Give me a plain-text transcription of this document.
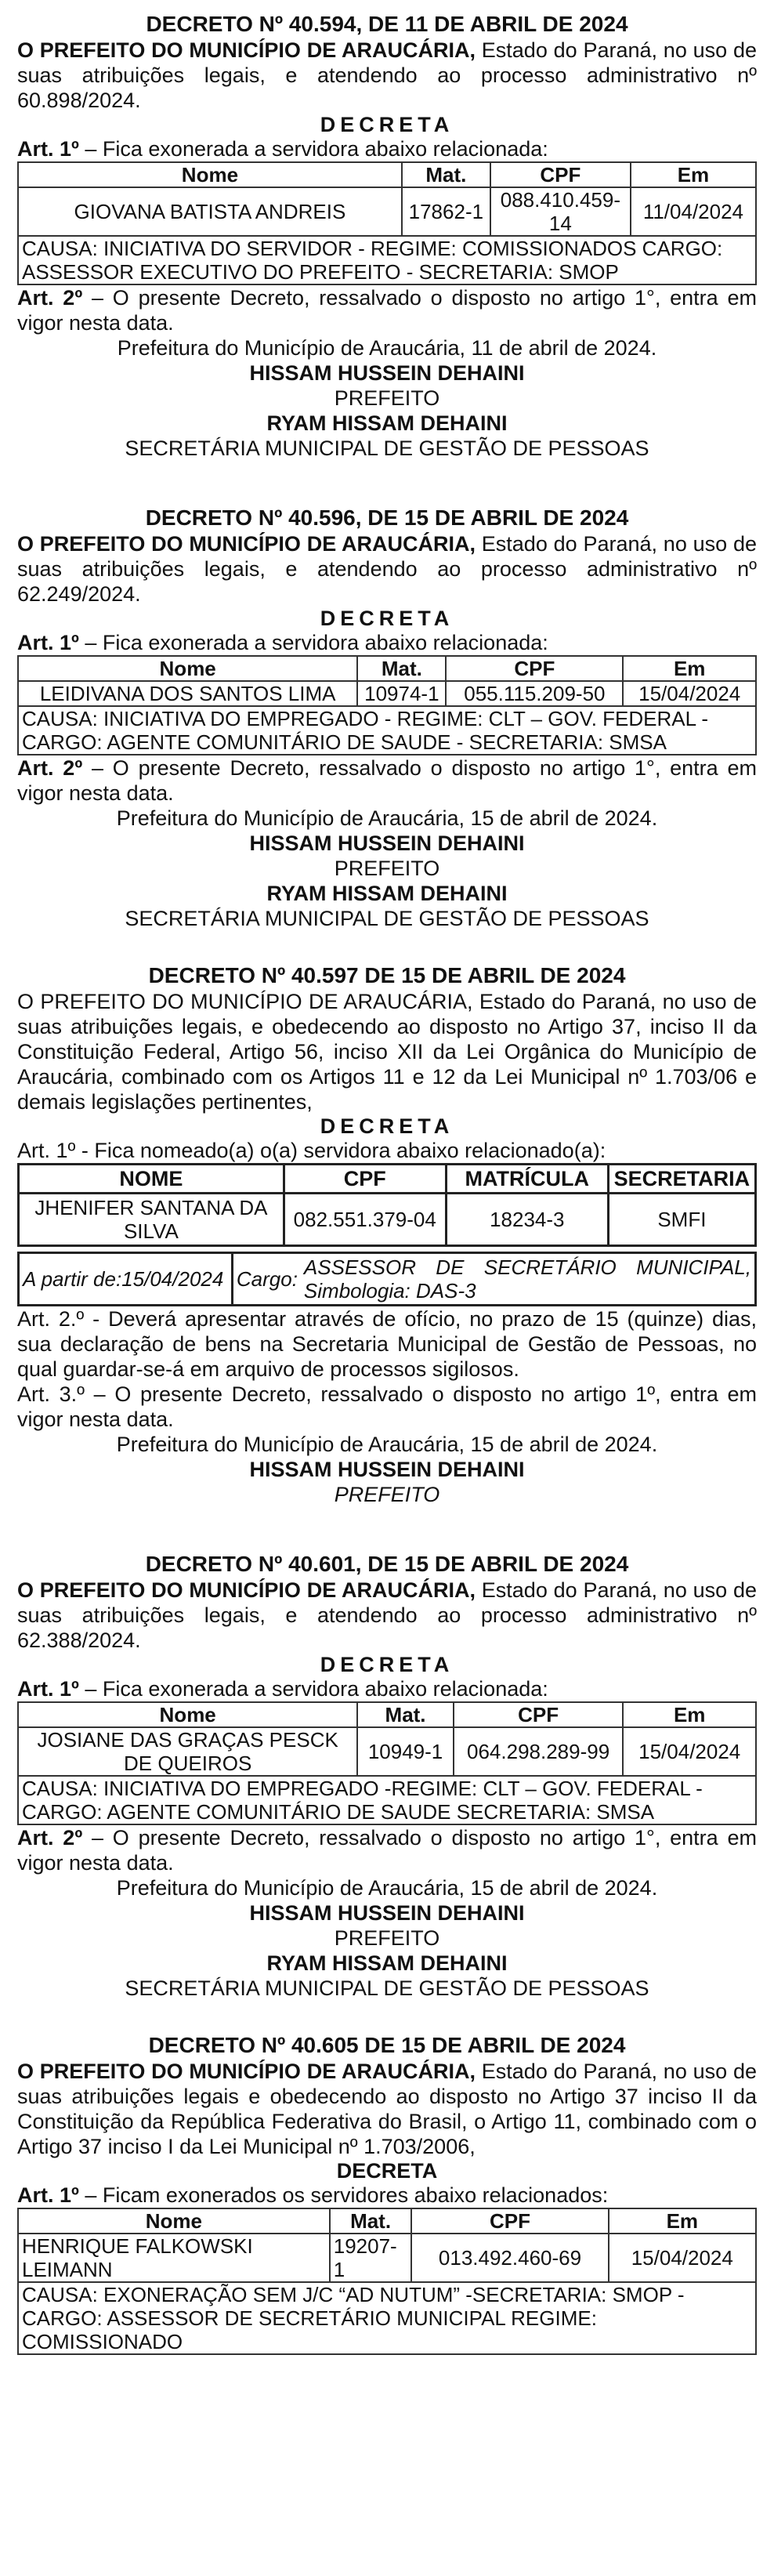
DECRETO Nº 40.594, DE 11 DE ABRIL DE 2024

O PREFEITO DO MUNICÍPIO DE ARAUCÁRIA, Estado do Paraná, no uso de suas atribuições legais, e atendendo ao processo administrativo nº 60.898/2024.

DECRETA

Art. 1º – Fica exonerada a servidora abaixo relacionada:

Nome	Mat.	CPF	Em
GIOVANA BATISTA ANDREIS	17862-1	088.410.459-14	11/04/2024
CAUSA: INICIATIVA DO SERVIDOR - REGIME: COMISSIONADOS CARGO: ASSESSOR EXECUTIVO DO PREFEITO - SECRETARIA: SMOP			

Art. 2º – O presente Decreto, ressalvado o disposto no artigo 1°, entra em vigor nesta data.

Prefeitura do Município de Araucária, 11 de abril de 2024.

HISSAM HUSSEIN DEHAINI

PREFEITO

RYAM HISSAM DEHAINI

SECRETÁRIA MUNICIPAL DE GESTÃO DE PESSOAS

DECRETO Nº 40.596, DE 15 DE ABRIL DE 2024

O PREFEITO DO MUNICÍPIO DE ARAUCÁRIA, Estado do Paraná, no uso de suas atribuições legais, e atendendo ao processo administrativo nº 62.249/2024.

DECRETA

Art. 1º – Fica exonerada a servidora abaixo relacionada:

Nome	Mat.	CPF	Em
LEIDIVANA DOS SANTOS LIMA	10974-1	055.115.209-50	15/04/2024
CAUSA: INICIATIVA DO EMPREGADO - REGIME: CLT – GOV. FEDERAL - CARGO: AGENTE COMUNITÁRIO DE SAUDE - SECRETARIA: SMSA			

Art. 2º – O presente Decreto, ressalvado o disposto no artigo 1°, entra em vigor nesta data.

Prefeitura do Município de Araucária, 15 de abril de 2024.

HISSAM HUSSEIN DEHAINI

PREFEITO

RYAM HISSAM DEHAINI

SECRETÁRIA MUNICIPAL DE GESTÃO DE PESSOAS

DECRETO Nº 40.597 DE 15 DE ABRIL DE 2024

O PREFEITO DO MUNICÍPIO DE ARAUCÁRIA, Estado do Paraná, no uso de suas atribuições legais, e obedecendo ao disposto no Artigo 37, inciso II da Constituição Federal, Artigo 56, inciso XII da Lei Orgânica do Município de Araucária, combinado com os Artigos 11 e 12 da Lei Municipal nº 1.703/06 e demais legislações pertinentes,

DECRETA

Art. 1º - Fica nomeado(a) o(a) servidora abaixo relacionado(a):

NOME	CPF	MATRÍCULA	SECRETARIA
JHENIFER SANTANA DA SILVA	082.551.379-04	18234-3	SMFI
A partir de:15/04/2024	Cargo: ASSESSOR DE SECRETÁRIO MUNICIPAL, Simbologia: DAS-3

Art. 2.º - Deverá apresentar através de ofício, no prazo de 15 (quinze) dias, sua declaração de bens na Secretaria Municipal de Gestão de Pessoas, no qual guardar-se-á em arquivo de processos sigilosos.

Art. 3.º – O presente Decreto, ressalvado o disposto no artigo 1º, entra em vigor nesta data.

Prefeitura do Município de Araucária, 15 de abril de 2024.

HISSAM HUSSEIN DEHAINI

PREFEITO

DECRETO Nº 40.601, DE 15 DE ABRIL DE 2024

O PREFEITO DO MUNICÍPIO DE ARAUCÁRIA, Estado do Paraná, no uso de suas atribuições legais, e atendendo ao processo administrativo nº 62.388/2024.

DECRETA

Art. 1º – Fica exonerada a servidora abaixo relacionada:

Nome	Mat.	CPF	Em
JOSIANE DAS GRAÇAS PESCK DE QUEIROS	10949-1	064.298.289-99	15/04/2024
CAUSA: INICIATIVA DO EMPREGADO -REGIME: CLT – GOV. FEDERAL - CARGO: AGENTE COMUNITÁRIO DE SAUDE SECRETARIA: SMSA			

Art. 2º – O presente Decreto, ressalvado o disposto no artigo 1°, entra em vigor nesta data.

Prefeitura do Município de Araucária, 15 de abril de 2024.

HISSAM HUSSEIN DEHAINI

PREFEITO

RYAM HISSAM DEHAINI

SECRETÁRIA MUNICIPAL DE GESTÃO DE PESSOAS

DECRETO Nº 40.605 DE 15 DE ABRIL DE 2024

O PREFEITO DO MUNICÍPIO DE ARAUCÁRIA, Estado do Paraná, no uso de suas atribuições legais e obedecendo ao disposto no Artigo 37 inciso II da Constituição da República Federativa do Brasil, o Artigo 11, combinado com o Artigo 37 inciso I da Lei Municipal nº 1.703/2006,

DECRETA

Art. 1º – Ficam exonerados os servidores abaixo relacionados:

Nome	Mat.	CPF	Em
HENRIQUE FALKOWSKI LEIMANN	19207-1	013.492.460-69	15/04/2024
CAUSA: EXONERAÇÃO SEM J/C “AD NUTUM” -SECRETARIA: SMOP - CARGO: ASSESSOR DE SECRETÁRIO MUNICIPAL REGIME: COMISSIONADO			
